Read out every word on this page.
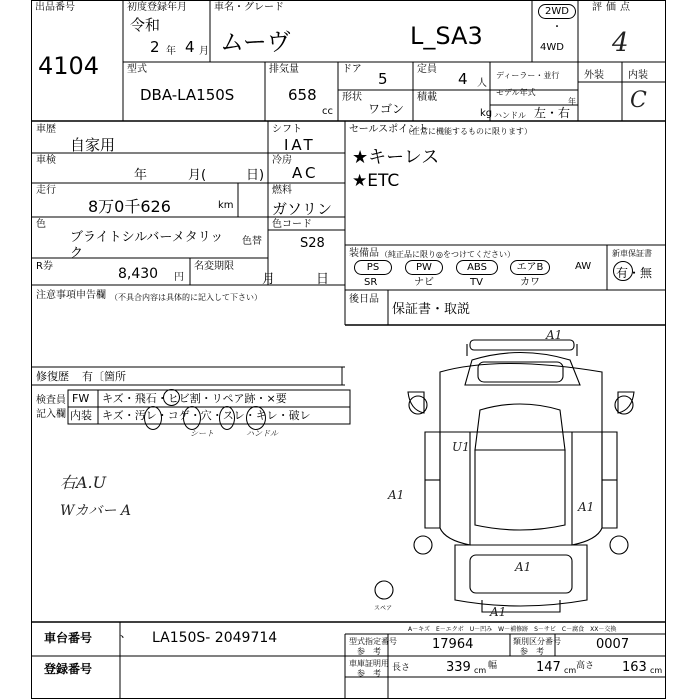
出品番号
4104
初度登録年月
令和
2 年 4 月
車名・グレード
ムーヴ	L_SA3
2WD
・
4WD
評価点
4
外装 内装
C
型式
DBA-LA150S
排気量
658
cc
ドア
5
定員
4 人
ディーラー・並行
モデル年式
年
形状
ワゴン
積載
kg ハンドル 左・右
車歴
自家用
シフト
IAT
車検
年	月(	日)
冷房
AC
走行
8万0千626	km
燃料
ガソリン
色
ブライトシルバーメタリッ
ク
色替
色コード
S28
R券	8,430 円
名変期限
月	日
注意事項申告欄 （不具合内容は具体的に記入して下さい）
修復歴 有〔箇所
セールスポイント
（正常に機能するものに限ります）
★キーレス
★ETC
装備品 （純正品に限り◎をつけてください）
PS	PW	ABS	エアB	AW
SR	ナビ	TV	カワ
新車保証書
有・無
後日品
保証書・取説
検査員
記入欄
FW キズ・飛石・ヒビ割・リペア跡・×要
内装 キズ・汚レ・コゲ・穴・スレ・キレ・破レ
シート	ハンドル
右A.U
Wカバー A
A1
U1
A1
A1
A1
A1
スペア
A－キズ　E－エクボ　U－凹み　W－補修跡　S－サビ　C－腐食　XX－交換
車台番号 、 LA150S- 2049714
登録番号
型式指定番号
参　考	17964	類別区分番号
参　考	0007
車庫証明用
参　考
長さ	339 幅	147 高さ 163
cm	cm	cm
